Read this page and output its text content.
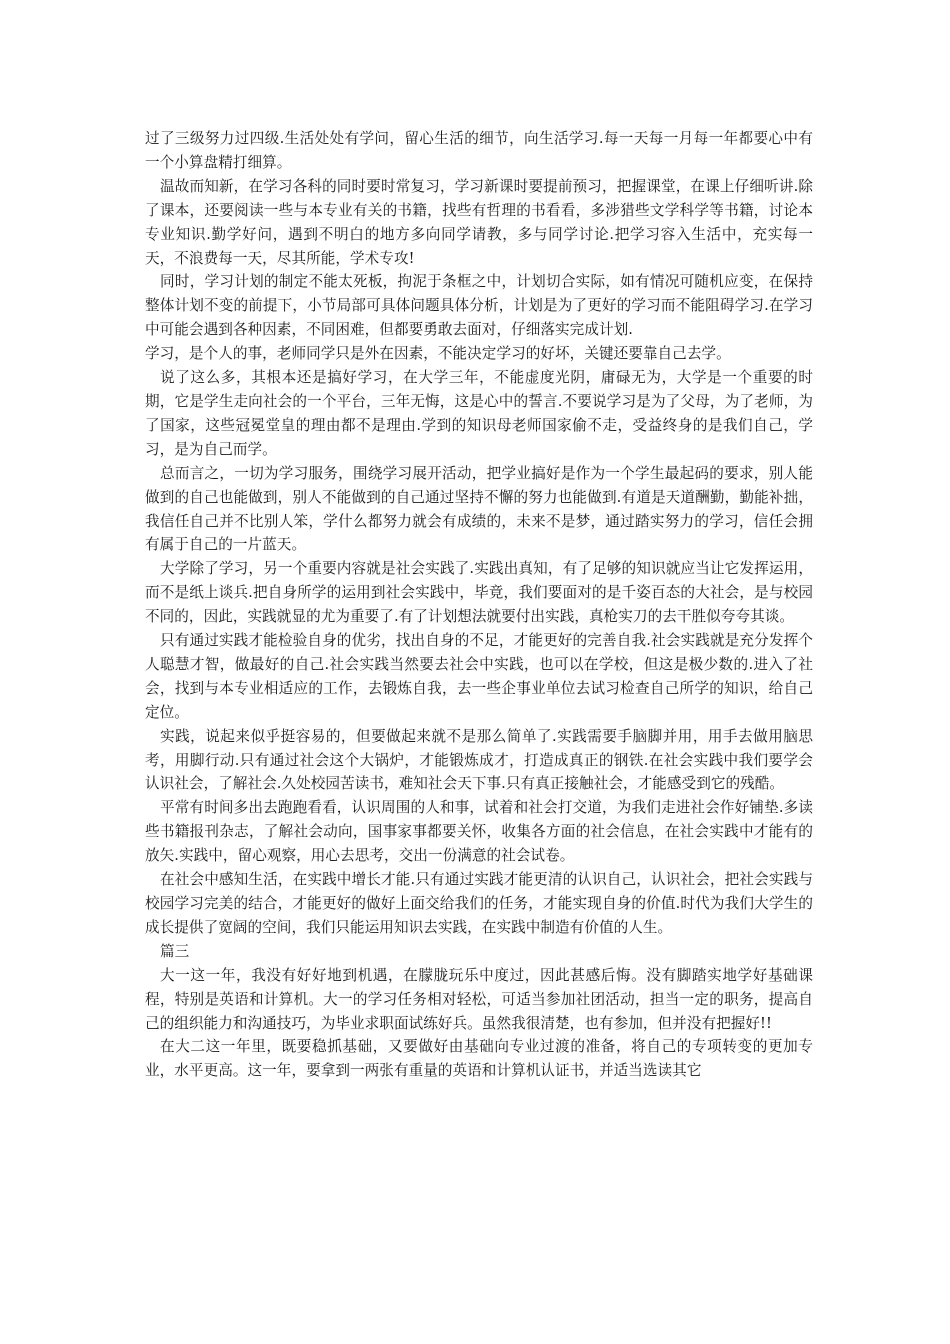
过了三级努力过四级.生活处处有学问，留心生活的细节，向生活学习.每一天每一月每一年都要心中有一个小算盘精打细算。

温故而知新，在学习各科的同时要时常复习，学习新课时要提前预习，把握课堂，在课上仔细听讲.除了课本，还要阅读一些与本专业有关的书籍，找些有哲理的书看看，多涉猎些文学科学等书籍，讨论本专业知识.勤学好问，遇到不明白的地方多向同学请教，多与同学讨论.把学习容入生活中，充实每一天，不浪费每一天，尽其所能，学术专攻!

同时，学习计划的制定不能太死板，拘泥于条框之中，计划切合实际，如有情况可随机应变，在保持整体计划不变的前提下，小节局部可具体问题具体分析，计划是为了更好的学习而不能阻碍学习.在学习中可能会遇到各种因素，不同困难，但都要勇敢去面对，仔细落实完成计划.

学习，是个人的事，老师同学只是外在因素，不能决定学习的好坏，关键还要靠自己去学。

说了这么多，其根本还是搞好学习，在大学三年，不能虚度光阴，庸碌无为，大学是一个重要的时期，它是学生走向社会的一个平台，三年无悔，这是心中的誓言.不要说学习是为了父母，为了老师，为了国家，这些冠冕堂皇的理由都不是理由.学到的知识母老师国家偷不走，受益终身的是我们自己，学习，是为自己而学。

总而言之，一切为学习服务，围绕学习展开活动，把学业搞好是作为一个学生最起码的要求，别人能做到的自己也能做到，别人不能做到的自己通过坚持不懈的努力也能做到.有道是天道酬勤，勤能补拙，我信任自己并不比别人笨，学什么都努力就会有成绩的，未来不是梦，通过踏实努力的学习，信任会拥有属于自己的一片蓝天。

大学除了学习，另一个重要内容就是社会实践了.实践出真知，有了足够的知识就应当让它发挥运用，而不是纸上谈兵.把自身所学的运用到社会实践中，毕竟，我们要面对的是千姿百态的大社会，是与校园不同的，因此，实践就显的尤为重要了.有了计划想法就要付出实践，真枪实刀的去干胜似夸夸其谈。

只有通过实践才能检验自身的优劣，找出自身的不足，才能更好的完善自我.社会实践就是充分发挥个人聪慧才智，做最好的自己.社会实践当然要去社会中实践，也可以在学校，但这是极少数的.进入了社会，找到与本专业相适应的工作，去锻炼自我，去一些企事业单位去试习检查自己所学的知识，给自己定位。

实践，说起来似乎挺容易的，但要做起来就不是那么简单了.实践需要手脑脚并用，用手去做用脑思考，用脚行动.只有通过社会这个大锅炉，才能锻炼成才，打造成真正的钢铁.在社会实践中我们要学会认识社会，了解社会.久处校园苦读书，难知社会天下事.只有真正接触社会，才能感受到它的残酷。

平常有时间多出去跑跑看看，认识周围的人和事，试着和社会打交道，为我们走进社会作好铺垫.多读些书籍报刊杂志，了解社会动向，国事家事都要关怀，收集各方面的社会信息，在社会实践中才能有的放矢.实践中，留心观察，用心去思考，交出一份满意的社会试卷。

在社会中感知生活，在实践中增长才能.只有通过实践才能更清的认识自己，认识社会，把社会实践与校园学习完美的结合，才能更好的做好上面交给我们的任务，才能实现自身的价值.时代为我们大学生的成长提供了宽阔的空间，我们只能运用知识去实践，在实践中制造有价值的人生。

篇三

大一这一年，我没有好好地到机遇，在朦胧玩乐中度过，因此甚感后悔。没有脚踏实地学好基础课程，特别是英语和计算机。大一的学习任务相对轻松，可适当参加社团活动，担当一定的职务，提高自己的组织能力和沟通技巧，为毕业求职面试练好兵。虽然我很清楚，也有参加，但并没有把握好!!

在大二这一年里，既要稳抓基础，又要做好由基础向专业过渡的准备，将自己的专项转变的更加专业，水平更高。这一年，要拿到一两张有重量的英语和计算机认证书，并适当选读其它
